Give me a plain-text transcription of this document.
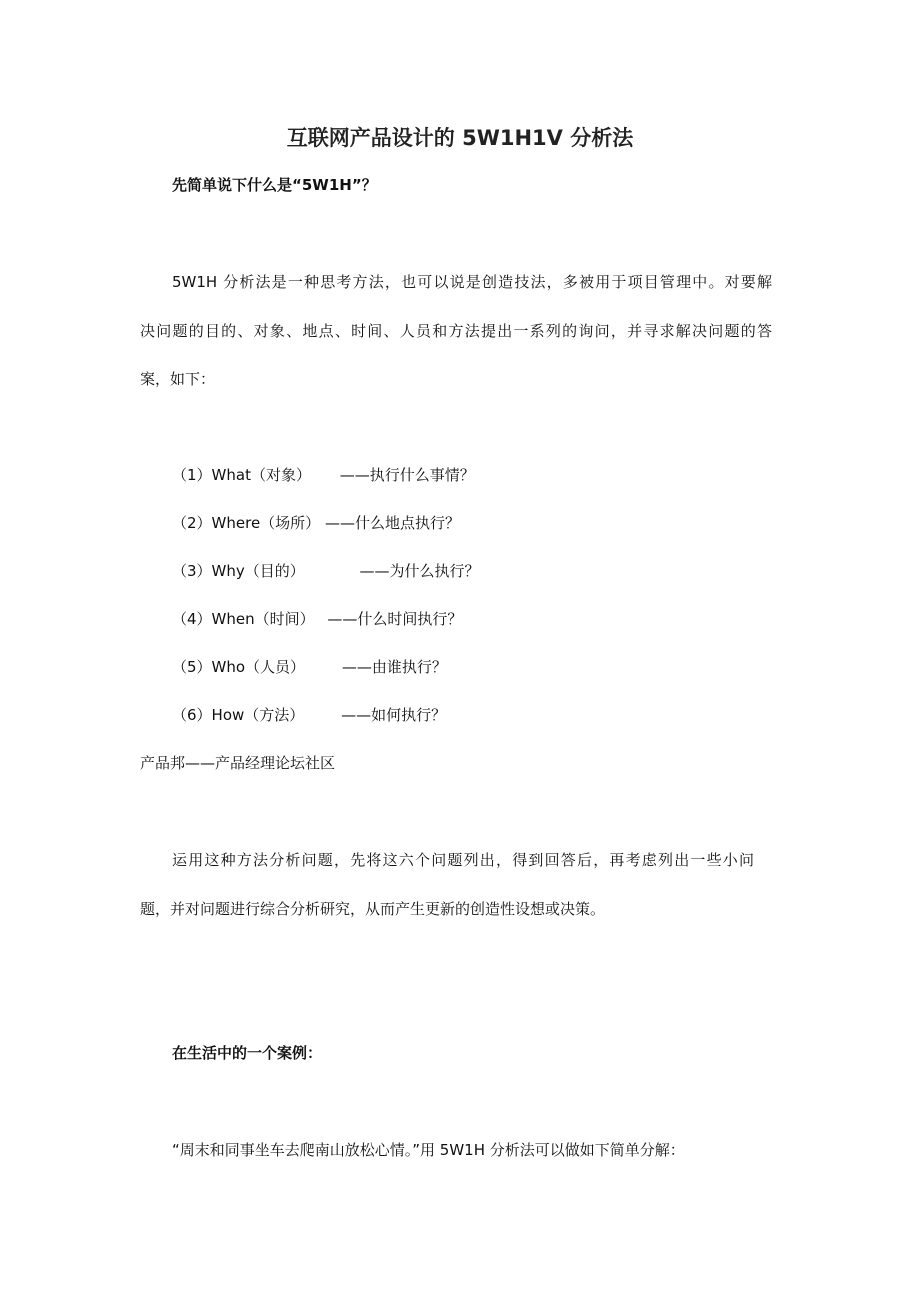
互联网产品设计的 5W1H1V 分析法

先简单说下什么是“5W1H”？

5W1H 分析法是一种思考方法，也可以说是创造技法，多被用于项目管理中。对要解

决问题的目的、对象、地点、时间、人员和方法提出一系列的询问，并寻求解决问题的答

案，如下：

（1）What（对象） ——执行什么事情？

（2）Where（场所） ——什么地点执行？

（3）Why（目的）	——为什么执行？

（4）When（时间） ——什么时间执行？

（5）Who（人员） ——由谁执行？

（6）How（方法） ——如何执行？

产品邦——产品经理论坛社区

运用这种方法分析问题，先将这六个问题列出，得到回答后，再考虑列出一些小问

题，并对问题进行综合分析研究，从而产生更新的创造性设想或决策。

在生活中的一个案例：

“周末和同事坐车去爬南山放松心情。”用 5W1H 分析法可以做如下简单分解：
